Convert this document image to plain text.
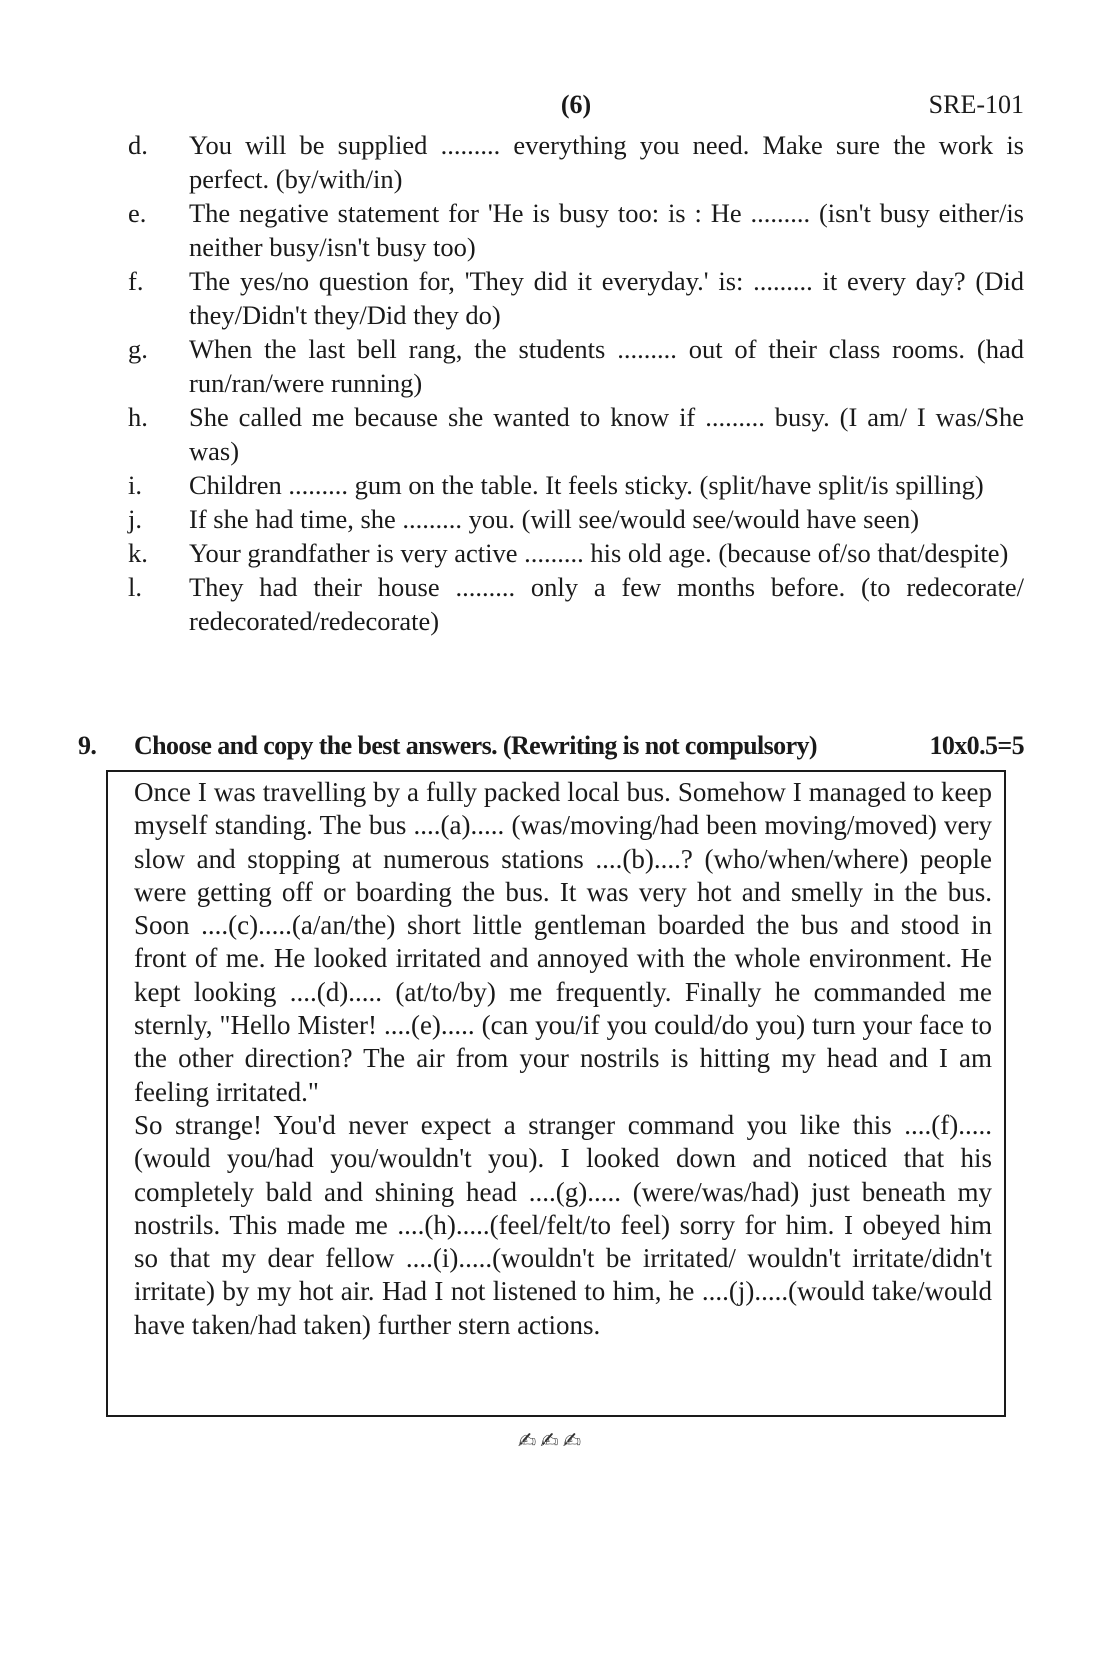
(6)	SRE-101
d.	You will be supplied ......... everything you need. Make sure the work is perfect. (by/with/in)
e.	The negative statement for 'He is busy too: is : He ......... (isn't busy either/is neither busy/isn't busy too)
f.	The yes/no question for, 'They did it everyday.' is: ......... it every day? (Did they/Didn't they/Did they do)
g.	When the last bell rang, the students ......... out of their class rooms. (had run/ran/were running)
h.	She called me because she wanted to know if ......... busy. (I am/ I was/She was)
i.	Children ......... gum on the table. It feels sticky. (split/have split/is spilling)
j.	If she had time, she ......... you. (will see/would see/would have seen)
k.	Your grandfather is very active ......... his old age. (because of/so that/despite)
l.	They had their house ......... only a few months before. (to redecorate/ redecorated/redecorate)
9.	Choose and copy the best answers. (Rewriting is not compulsory)	10x0.5=5

Once I was travelling by a fully packed local bus. Somehow I managed to keep myself standing. The bus ....(a)..... (was/moving/had been moving/moved) very slow and stopping at numerous stations ....(b)....? (who/when/where) people were getting off or boarding the bus. It was very hot and smelly in the bus. Soon ....(c).....(a/an/the) short little gentleman boarded the bus and stood in front of me. He looked irritated and annoyed with the whole environment. He kept looking ....(d)..... (at/to/by) me frequently. Finally he commanded me sternly, "Hello Mister! ....(e)..... (can you/if you could/do you) turn your face to the other direction? The air from your nostrils is hitting my head and I am feeling irritated."

So strange! You'd never expect a stranger command you like this ....(f).....(would you/had you/wouldn't you). I looked down and noticed that his completely bald and shining head ....(g)..... (were/was/had) just beneath my nostrils. This made me ....(h).....(feel/felt/to feel) sorry for him. I obeyed him so that my dear fellow ....(i).....(wouldn't be irritated/ wouldn't irritate/didn't irritate) by my hot air. Had I not listened to him, he ....(j).....(would take/would have taken/had taken) further stern actions.

✍✍✍
